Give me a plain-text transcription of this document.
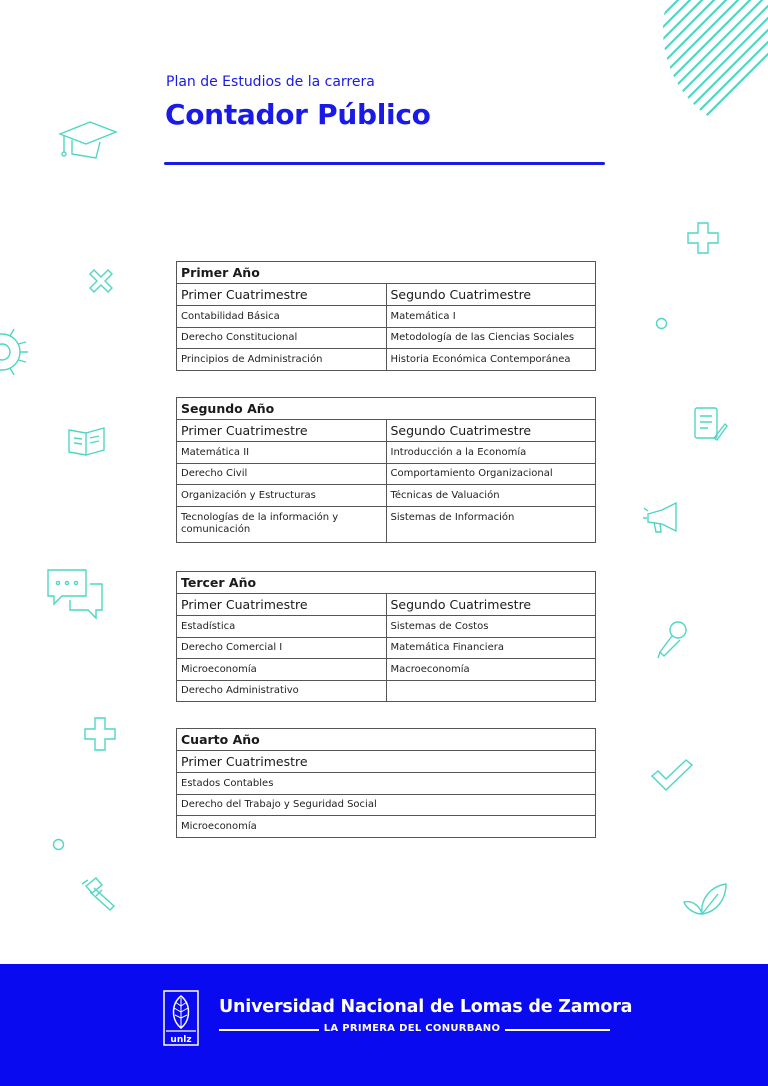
Plan de Estudios de la carrera
Contador Público
Primer Año	
Primer Cuatrimestre	Segundo Cuatrimestre
Contabilidad Básica	Matemática I
Derecho Constitucional	Metodología de las Ciencias Sociales
Principios de Administración	Historia Económica Contemporánea
Segundo Año	
Primer Cuatrimestre	Segundo Cuatrimestre
Matemática II	Introducción a la Economía
Derecho Civil	Comportamiento Organizacional
Organización y Estructuras	Técnicas de Valuación
Tecnologías de la información y comunicación	Sistemas de Información
Tercer Año	
Primer Cuatrimestre	Segundo Cuatrimestre
Estadística	Sistemas de Costos
Derecho Comercial I	Matemática Financiera
Microeconomía	Macroeconomía
Derecho Administrativo	
Cuarto Año
Primer Cuatrimestre
Estados Contables
Derecho del Trabajo y Seguridad Social
Microeconomía
unlz
Universidad Nacional de Lomas de Zamora
LA PRIMERA DEL CONURBANO
